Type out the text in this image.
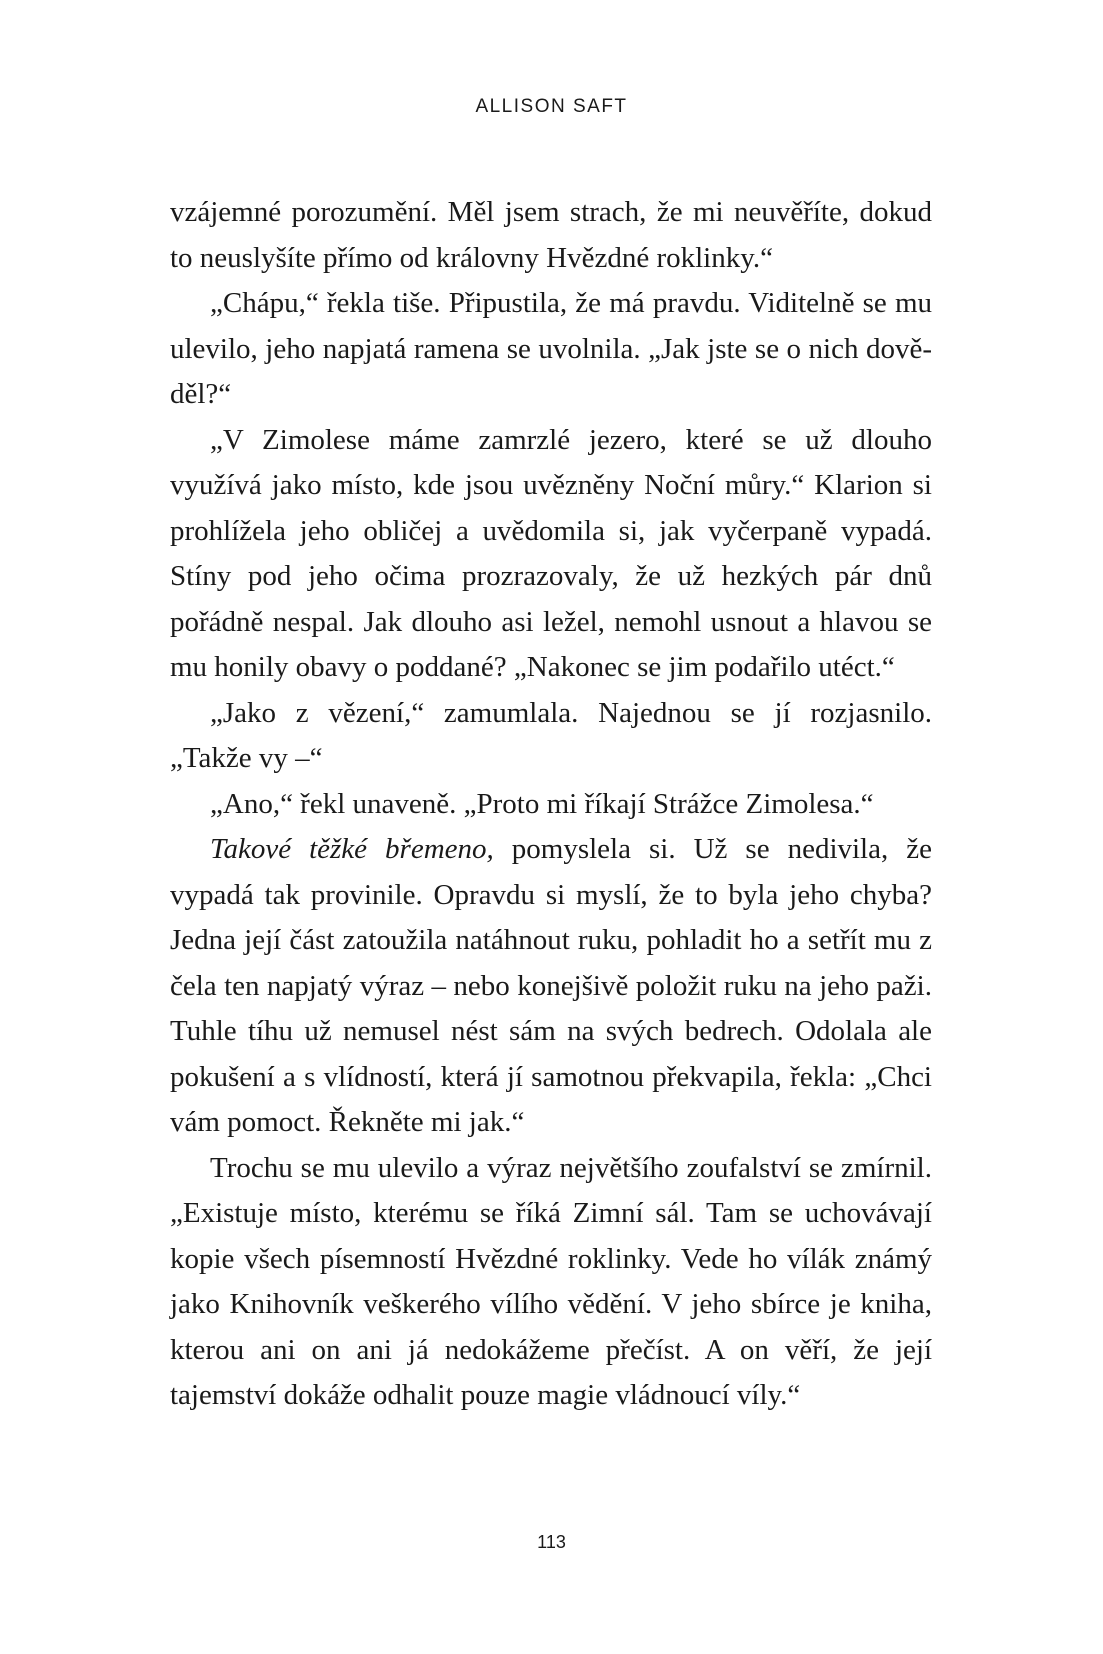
ALLISON SAFT

vzájemné porozumění. Měl jsem strach, že mi neuvěříte, dokud to neuslyšíte přímo od královny Hvězdné roklinky.“

„Chápu,“ řekla tiše. Připustila, že má pravdu. Viditelně se mu ulevilo, jeho napjatá ramena se uvolnila. „Jak jste se o nich dověděl?“

„V Zimolese máme zamrzlé jezero, které se už dlouho využívá jako místo, kde jsou uvězněny Noční můry.“ Klarion si prohlížela jeho obličej a uvědomila si, jak vyčerpaně vypadá. Stíny pod jeho očima prozrazovaly, že už hezkých pár dnů pořádně nespal. Jak dlouho asi ležel, nemohl usnout a hlavou se mu honily obavy o poddané? „Nakonec se jim podařilo utéct.“

„Jako z vězení,“ zamumlala. Najednou se jí rozjasnilo. „Takže vy –“

„Ano,“ řekl unaveně. „Proto mi říkají Strážce Zimolesa.“

Takové těžké břemeno, pomyslela si. Už se nedivila, že vypadá tak provinile. Opravdu si myslí, že to byla jeho chyba? Jedna její část zatoužila natáhnout ruku, pohladit ho a setřít mu z čela ten napjatý výraz – nebo konejšivě položit ruku na jeho paži. Tuhle tíhu už nemusel nést sám na svých bedrech. Odolala ale pokušení a s vlídností, která jí samotnou překvapila, řekla: „Chci vám pomoct. Řekněte mi jak.“

Trochu se mu ulevilo a výraz největšího zoufalství se zmírnil. „Existuje místo, kterému se říká Zimní sál. Tam se uchovávají kopie všech písemností Hvězdné roklinky. Vede ho vílák známý jako Knihovník veškerého vílího vědění. V jeho sbírce je kniha, kterou ani on ani já nedokážeme přečíst. A on věří, že její tajemství dokáže odhalit pouze magie vládnoucí víly.“

113
